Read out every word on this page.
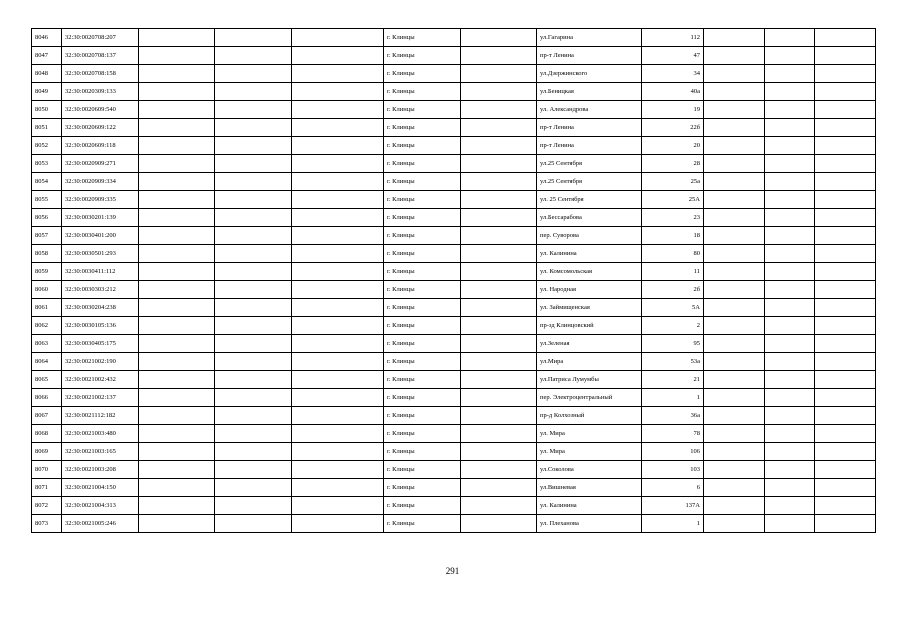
8046	32:30:0020708:207				г. Клинцы		ул.Гагарина	112			
8047	32:30:0020708:137				г. Клинцы		пр-т Ленина	47			
8048	32:30:0020708:158				г. Клинцы		ул.Дзержинского	34			
8049	32:30:0020309:133				г. Клинцы		ул.Беницкая	40а			
8050	32:30:0020609:540				г. Клинцы		ул. Александрова	19			
8051	32:30:0020609:122				г. Клинцы		пр-т Ленина	22б			
8052	32:30:0020609:118				г. Клинцы		пр-т Ленина	20			
8053	32:30:0020909:271				г. Клинцы		ул.25 Сентября	28			
8054	32:30:0020909:334				г. Клинцы		ул.25 Сентября	25а			
8055	32:30:0020909:335				г. Клинцы		ул. 25 Сентября	25А			
8056	32:30:0030201:139				г. Клинцы		ул.Бессарабова	23			
8057	32:30:0030401:200				г. Клинцы		пер. Суворова	18			
8058	32:30:0030501:293				г. Клинцы		ул. Калинина	80			
8059	32:30:0030411:112				г. Клинцы		ул. Комсомольская	11			
8060	32:30:0030303:212				г. Клинцы		ул. Народная	2б			
8061	32:30:0030204:238				г. Клинцы		ул. Займищенская	5А			
8062	32:30:0030105:136				г. Клинцы		пр-зд Клинцовский	2			
8063	32:30:0030405:175				г. Клинцы		ул.Зеленая	95			
8064	32:30:0021002:190				г. Клинцы		ул.Мира	53а			
8065	32:30:0021002:432				г. Клинцы		ул.Патриса Лумумбы	21			
8066	32:30:0021002:137				г. Клинцы		пер. Электроцентральный	1			
8067	32:30:0021112:182				г. Клинцы		пр-д Колхозный	36а			
8068	32:30:0021003:480				г. Клинцы		ул. Мира	78			
8069	32:30:0021003:165				г. Клинцы		ул. Мира	106			
8070	32:30:0021003:208				г. Клинцы		ул.Соколова	103			
8071	32:30:0021004:150				г. Клинцы		ул.Вишневая	6			
8072	32:30:0021004:313				г. Клинцы		ул. Калинина	137А			
8073	32:30:0021005:246				г. Клинцы		ул. Плеханова	1			
291
